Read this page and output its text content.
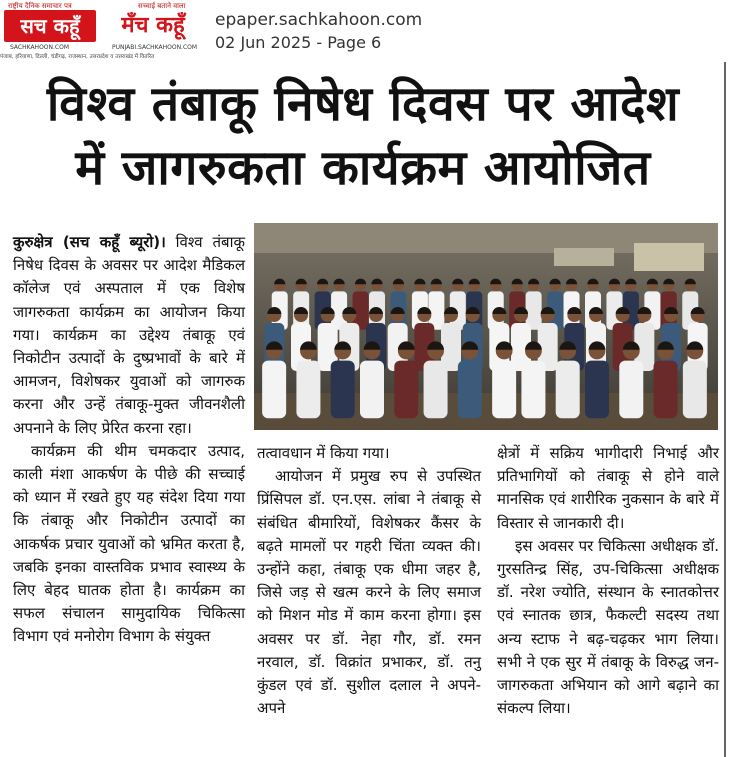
राष्ट्रीय दैनिक समाचार पत्र
सच कहूँ
SACHKAHOON.COM
सच्चाई बताने वाला
मँच कहूँ
PUNJABI.SACHKAHOON.COM
पंजाब, हरियाणा, दिल्ली, चंडीगढ़, राजस्थान, उत्तरप्रदेश व उत्तराखंड में वितरित
epaper.sachkahoon.com
02 Jun 2025 - Page 6
विश्व तंबाकू निषेध दिवस पर आदेश
में जागरुकता कार्यक्रम आयोजित

कुरुक्षेत्र (सच कहूँ ब्यूरो)। विश्व तंबाकू निषेध दिवस के अवसर पर आदेश मैडिकल कॉलेज एवं अस्पताल में एक विशेष जागरुकता कार्यक्रम का आयोजन किया गया। कार्यक्रम का उद्देश्य तंबाकू एवं निकोटीन उत्पादों के दुष्प्रभावों के बारे में आमजन, विशेषकर युवाओं को जागरुक करना और उन्हें तंबाकू-मुक्त जीवनशैली अपनाने के लिए प्रेरित करना रहा।

कार्यक्रम की थीम चमकदार उत्पाद, काली मंशा आकर्षण के पीछे की सच्चाई को ध्यान में रखते हुए यह संदेश दिया गया कि तंबाकू और निकोटीन उत्पादों का आकर्षक प्रचार युवाओं को भ्रमित करता है, जबकि इनका वास्तविक प्रभाव स्वास्थ्य के लिए बेहद घातक होता है। कार्यक्रम का सफल संचालन सामुदायिक चिकित्सा विभाग एवं मनोरोग विभाग के संयुक्त

तत्वावधान में किया गया।

आयोजन में प्रमुख रुप से उपस्थित प्रिंसिपल डॉ. एन.एस. लांबा ने तंबाकू से संबंधित बीमारियों, विशेषकर कैंसर के बढ़ते मामलों पर गहरी चिंता व्यक्त की। उन्होंने कहा, तंबाकू एक धीमा जहर है, जिसे जड़ से खत्म करने के लिए समाज को मिशन मोड में काम करना होगा। इस अवसर पर डॉ. नेहा गौर, डॉ. रमन नरवाल, डॉ. विक्रांत प्रभाकर, डॉ. तनु कुंडल एवं डॉ. सुशील दलाल ने अपने-अपने

क्षेत्रों में सक्रिय भागीदारी निभाई और प्रतिभागियों को तंबाकू से होने वाले मानसिक एवं शारीरिक नुकसान के बारे में विस्तार से जानकारी दी।

इस अवसर पर चिकित्सा अधीक्षक डॉ. गुरसतिन्द्र सिंह, उप-चिकित्सा अधीक्षक डॉ. नरेश ज्योति, संस्थान के स्नातकोत्तर एवं स्नातक छात्र, फैकल्टी सदस्य तथा अन्य स्टाफ ने बढ़-चढ़कर भाग लिया। सभी ने एक सुर में तंबाकू के विरुद्ध जन-जागरुकता अभियान को आगे बढ़ाने का संकल्प लिया।
